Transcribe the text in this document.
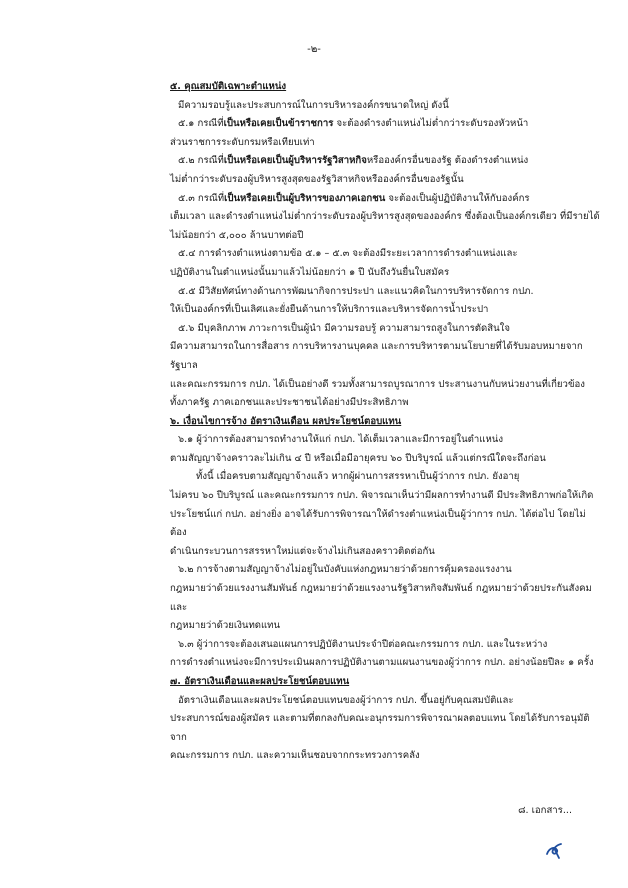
-๒-

๕. คุณสมบัติเฉพาะตำแหน่ง

มีความรอบรู้และประสบการณ์ในการบริหารองค์กรขนาดใหญ่ ดังนี้

๕.๑ กรณีที่เป็นหรือเคยเป็นข้าราชการ จะต้องดำรงตำแหน่งไม่ต่ำกว่าระดับรองหัวหน้า

ส่วนราชการระดับกรมหรือเทียบเท่า

๕.๒ กรณีที่เป็นหรือเคยเป็นผู้บริหารรัฐวิสาหกิจหรือองค์กรอื่นของรัฐ ต้องดำรงตำแหน่ง

ไม่ต่ำกว่าระดับรองผู้บริหารสูงสุดของรัฐวิสาหกิจหรือองค์กรอื่นของรัฐนั้น

๕.๓ กรณีที่เป็นหรือเคยเป็นผู้บริหารของภาคเอกชน จะต้องเป็นผู้ปฏิบัติงานให้กับองค์กร

เต็มเวลา และดำรงตำแหน่งไม่ต่ำกว่าระดับรองผู้บริหารสูงสุดขององค์กร ซึ่งต้องเป็นองค์กรเดียว ที่มีรายได้

ไม่น้อยกว่า ๕,๐๐๐ ล้านบาทต่อปี

๕.๔ การดำรงตำแหน่งตามข้อ ๕.๑ – ๕.๓ จะต้องมีระยะเวลาการดำรงตำแหน่งและ

ปฏิบัติงานในตำแหน่งนั้นมาแล้วไม่น้อยกว่า ๑ ปี นับถึงวันยื่นใบสมัคร

๕.๕ มีวิสัยทัศน์ทางด้านการพัฒนากิจการประปา และแนวคิดในการบริหารจัดการ กปภ.

ให้เป็นองค์กรที่เป็นเลิศและยั่งยืนด้านการให้บริการและบริหารจัดการน้ำประปา

๕.๖ มีบุคลิกภาพ ภาวะการเป็นผู้นำ มีความรอบรู้ ความสามารถสูงในการตัดสินใจ

มีความสามารถในการสื่อสาร การบริหารงานบุคคล และการบริหารตามนโยบายที่ได้รับมอบหมายจากรัฐบาล

และคณะกรรมการ กปภ. ได้เป็นอย่างดี รวมทั้งสามารถบูรณาการ ประสานงานกับหน่วยงานที่เกี่ยวข้อง

ทั้งภาครัฐ ภาคเอกชนและประชาชนได้อย่างมีประสิทธิภาพ

๖. เงื่อนไขการจ้าง อัตราเงินเดือน ผลประโยชน์ตอบแทน

๖.๑ ผู้ว่าการต้องสามารถทำงานให้แก่ กปภ. ได้เต็มเวลาและมีการอยู่ในตำแหน่ง

ตามสัญญาจ้างคราวละไม่เกิน ๔ ปี หรือเมื่อมีอายุครบ ๖๐ ปีบริบูรณ์ แล้วแต่กรณีใดจะถึงก่อน

ทั้งนี้ เมื่อครบตามสัญญาจ้างแล้ว หากผู้ผ่านการสรรหาเป็นผู้ว่าการ กปภ. ยังอายุ

ไม่ครบ ๖๐ ปีบริบูรณ์ และคณะกรรมการ กปภ. พิจารณาเห็นว่ามีผลการทำงานดี มีประสิทธิภาพก่อให้เกิด

ประโยชน์แก่ กปภ. อย่างยิ่ง อาจได้รับการพิจารณาให้ดำรงตำแหน่งเป็นผู้ว่าการ กปภ. ได้ต่อไป โดยไม่ต้อง

ดำเนินกระบวนการสรรหาใหม่แต่จะจ้างไม่เกินสองคราวติดต่อกัน

๖.๒ การจ้างตามสัญญาจ้างไม่อยู่ในบังคับแห่งกฎหมายว่าด้วยการคุ้มครองแรงงาน

กฎหมายว่าด้วยแรงงานสัมพันธ์ กฎหมายว่าด้วยแรงงานรัฐวิสาหกิจสัมพันธ์ กฎหมายว่าด้วยประกันสังคม และ

กฎหมายว่าด้วยเงินทดแทน

๖.๓ ผู้ว่าการจะต้องเสนอแผนการปฏิบัติงานประจำปีต่อคณะกรรมการ กปภ. และในระหว่าง

การดำรงตำแหน่งจะมีการประเมินผลการปฏิบัติงานตามแผนงานของผู้ว่าการ กปภ. อย่างน้อยปีละ ๑ ครั้ง

๗. อัตราเงินเดือนและผลประโยชน์ตอบแทน

อัตราเงินเดือนและผลประโยชน์ตอบแทนของผู้ว่าการ กปภ. ขึ้นอยู่กับคุณสมบัติและ

ประสบการณ์ของผู้สมัคร และตามที่ตกลงกับคณะอนุกรรมการพิจารณาผลตอบแทน โดยได้รับการอนุมัติจาก

คณะกรรมการ กปภ. และความเห็นชอบจากกระทรวงการคลัง

๘. เอกสาร...
